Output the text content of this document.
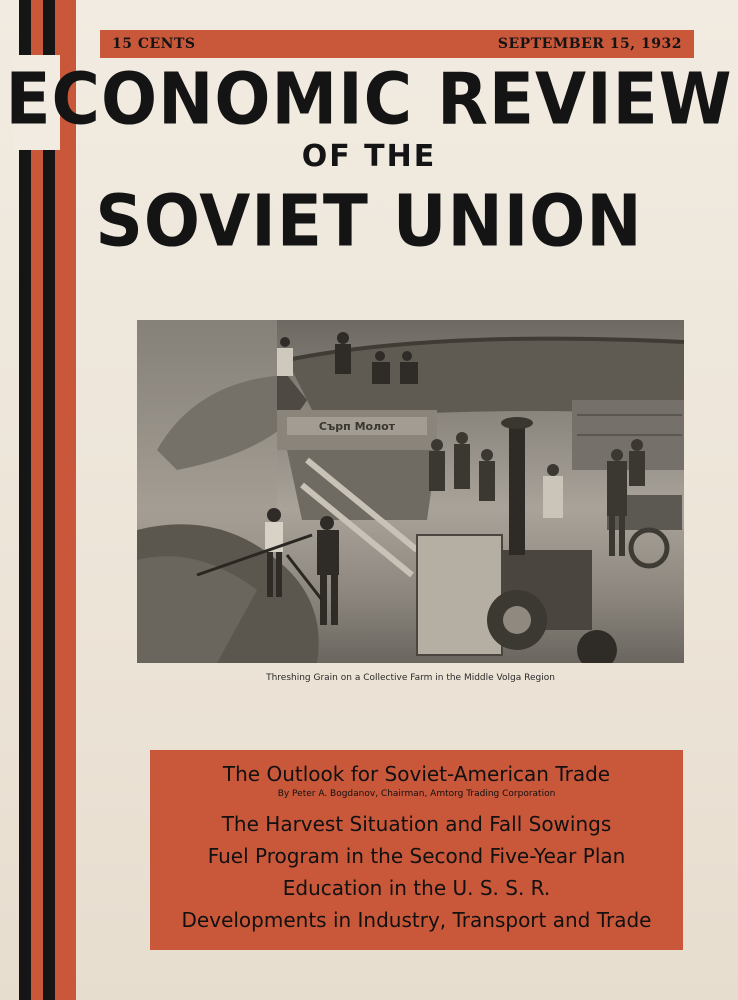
15 CENTS	SEPTEMBER 15, 1932
ECONOMIC REVIEW
OF THE
SOVIET UNION
Сърп Молот
Threshing Grain on a Collective Farm in the Middle Volga Region
The Outlook for Soviet-American Trade
By Peter A. Bogdanov, Chairman, Amtorg Trading Corporation
The Harvest Situation and Fall Sowings
Fuel Program in the Second Five-Year Plan
Education in the U. S. S. R.
Developments in Industry, Transport and Trade
